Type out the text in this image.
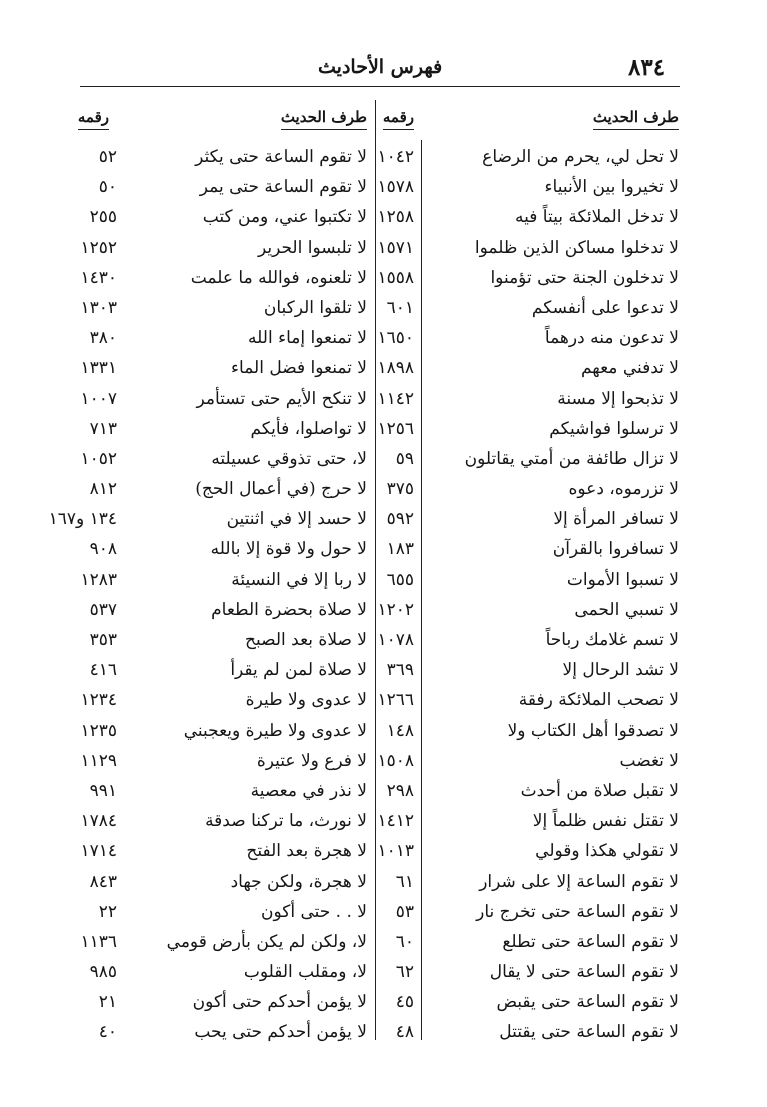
فهرس الأحاديث	٨٣٤
طرف الحديث
رقمه
طرف الحديث
رقمه
لا تحل لي، يحرم من الرضاع
١٠٤٢
لا تقوم الساعة حتى يكثر
٥٢
لا تخيروا بين الأنبياء
١٥٧٨
لا تقوم الساعة حتى يمر
٥٠
لا تدخل الملائكة بيتاً فيه
١٢٥٨
لا تكتبوا عني، ومن كتب
٢٥٥
لا تدخلوا مساكن الذين ظلموا
١٥٧١
لا تلبسوا الحرير
١٢٥٢
لا تدخلون الجنة حتى تؤمنوا
١٥٥٨
لا تلعنوه، فوالله ما علمت
١٤٣٠
لا تدعوا على أنفسكم
٦٠١
لا تلقوا الركبان
١٣٠٣
لا تدعون منه درهماً
١٦٥٠
لا تمنعوا إماء الله
٣٨٠
لا تدفني معهم
١٨٩٨
لا تمنعوا فضل الماء
١٣٣١
لا تذبحوا إلا مسنة
١١٤٢
لا تنكح الأيم حتى تستأمر
١٠٠٧
لا ترسلوا فواشيكم
١٢٥٦
لا تواصلوا، فأيكم
٧١٣
لا تزال طائفة من أمتي يقاتلون
٥٩
لا، حتى تذوقي عسيلته
١٠٥٢
لا تزرموه، دعوه
٣٧٥
لا حرج (في أعمال الحج)
٨١٢
لا تسافر المرأة إلا
٥٩٢
لا حسد إلا في اثنتين
١٣٤ و١٦٧
لا تسافروا بالقرآن
١٨٣
لا حول ولا قوة إلا بالله
٩٠٨
لا تسبوا الأموات
٦٥٥
لا ربا إلا في النسيئة
١٢٨٣
لا تسبي الحمى
١٢٠٢
لا صلاة بحضرة الطعام
٥٣٧
لا تسم غلامك رباحاً
١٠٧٨
لا صلاة بعد الصبح
٣٥٣
لا تشد الرحال إلا
٣٦٩
لا صلاة لمن لم يقرأ
٤١٦
لا تصحب الملائكة رفقة
١٢٦٦
لا عدوى ولا طيرة
١٢٣٤
لا تصدقوا أهل الكتاب ولا
١٤٨
لا عدوى ولا طيرة ويعجبني
١٢٣٥
لا تغضب
١٥٠٨
لا فرع ولا عتيرة
١١٢٩
لا تقبل صلاة من أحدث
٢٩٨
لا نذر في معصية
٩٩١
لا تقتل نفس ظلماً إلا
١٤١٢
لا نورث، ما تركنا صدقة
١٧٨٤
لا تقولي هكذا وقولي
١٠١٣
لا هجرة بعد الفتح
١٧١٤
لا تقوم الساعة إلا على شرار
٦١
لا هجرة، ولكن جهاد
٨٤٣
لا تقوم الساعة حتى تخرج نار
٥٣
لا . . حتى أكون
٢٢
لا تقوم الساعة حتى تطلع
٦٠
لا، ولكن لم يكن بأرض قومي
١١٣٦
لا تقوم الساعة حتى لا يقال
٦٢
لا، ومقلب القلوب
٩٨٥
لا تقوم الساعة حتى يقبض
٤٥
لا يؤمن أحدكم حتى أكون
٢١
لا تقوم الساعة حتى يقتتل
٤٨
لا يؤمن أحدكم حتى يحب
٤٠
